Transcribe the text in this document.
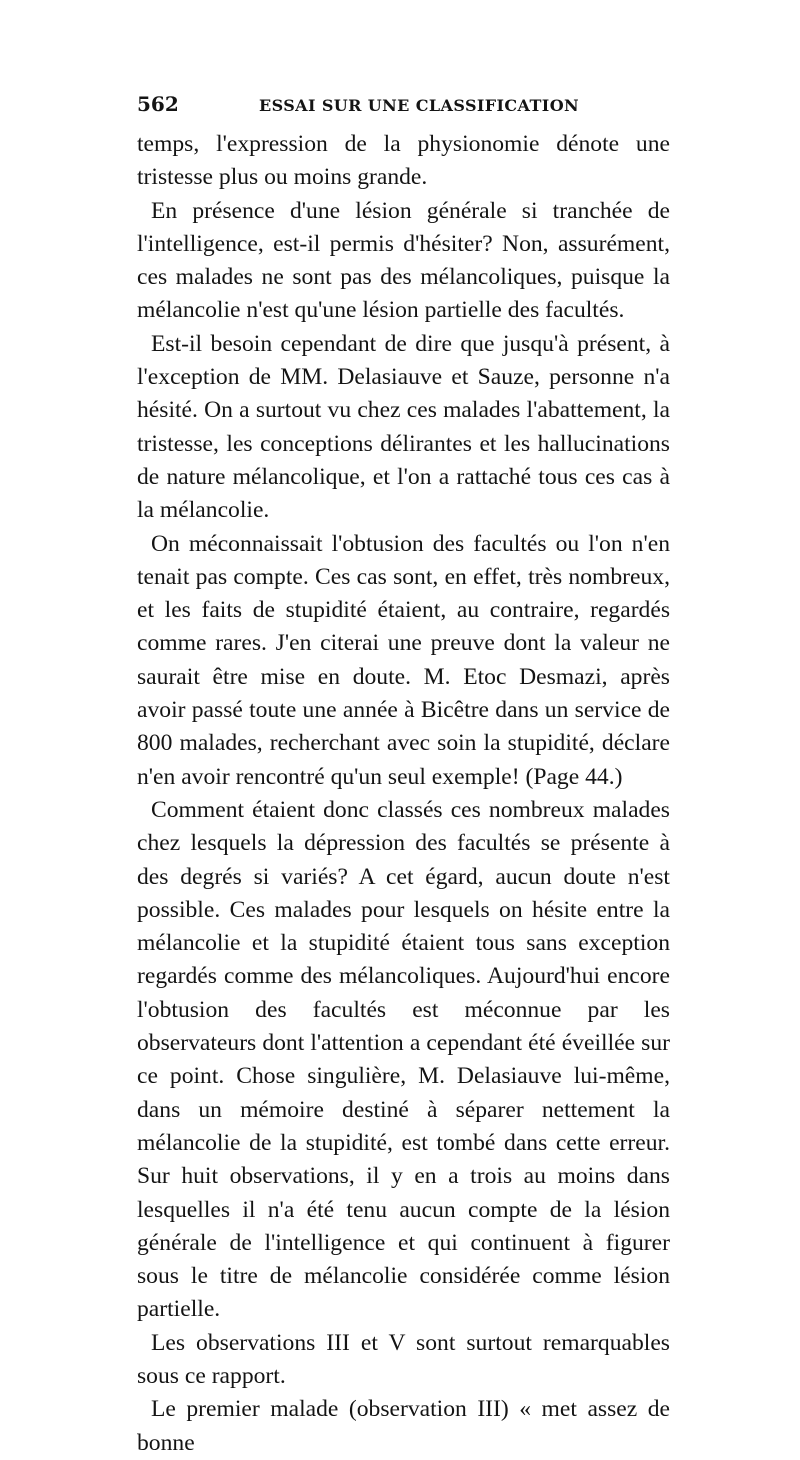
562	ESSAI SUR UNE CLASSIFICATION

temps, l'expression de la physionomie dénote une tristesse plus ou moins grande.

En présence d'une lésion générale si tranchée de l'intelligence, est-il permis d'hésiter? Non, assurément, ces malades ne sont pas des mélancoliques, puisque la mélancolie n'est qu'une lésion partielle des facultés.

Est-il besoin cependant de dire que jusqu'à présent, à l'exception de MM. Delasiauve et Sauze, personne n'a hésité. On a surtout vu chez ces malades l'abattement, la tristesse, les conceptions délirantes et les hallucinations de nature mélancolique, et l'on a rattaché tous ces cas à la mélancolie.

On méconnaissait l'obtusion des facultés ou l'on n'en tenait pas compte. Ces cas sont, en effet, très nombreux, et les faits de stupidité étaient, au contraire, regardés comme rares. J'en citerai une preuve dont la valeur ne saurait être mise en doute. M. Etoc Desmazi, après avoir passé toute une année à Bicêtre dans un service de 800 malades, recherchant avec soin la stupidité, déclare n'en avoir rencontré qu'un seul exemple! (Page 44.)

Comment étaient donc classés ces nombreux malades chez lesquels la dépression des facultés se présente à des degrés si variés? A cet égard, aucun doute n'est possible. Ces malades pour lesquels on hésite entre la mélancolie et la stupidité étaient tous sans exception regardés comme des mélancoliques. Aujourd'hui encore l'obtusion des facultés est méconnue par les observateurs dont l'attention a cependant été éveillée sur ce point. Chose singulière, M. Delasiauve lui-même, dans un mémoire destiné à séparer nettement la mélancolie de la stupidité, est tombé dans cette erreur. Sur huit observations, il y en a trois au moins dans lesquelles il n'a été tenu aucun compte de la lésion générale de l'intelligence et qui continuent à figurer sous le titre de mélancolie considérée comme lésion partielle.

Les observations III et V sont surtout remarquables sous ce rapport.

Le premier malade (observation III) « met assez de bonne
